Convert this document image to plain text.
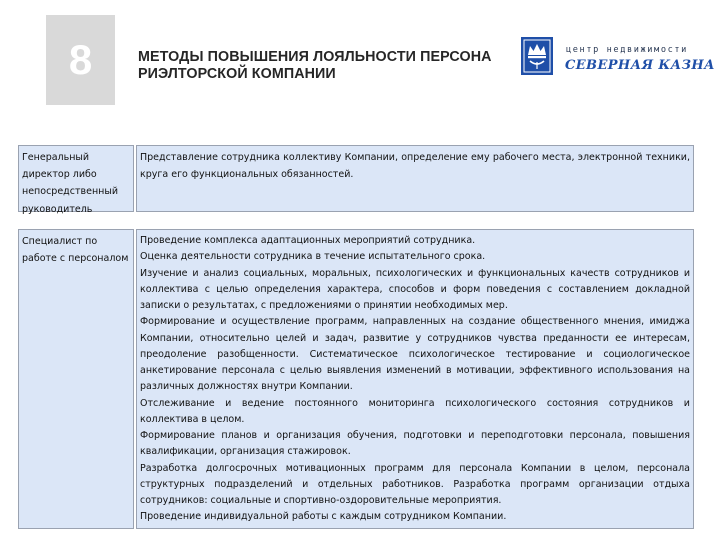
8	МЕТОДЫ ПОВЫШЕНИЯ ЛОЯЛЬНОСТИ ПЕРСОНА
РИЭЛТОРСКОЙ КОМПАНИИ
центр недвижимости
СЕВЕРНАЯ КАЗНА
Генеральный директор либо непосредственный руководитель
Представление сотрудника коллективу Компании, определение ему рабочего места, электронной техники, круга его функциональных обязанностей.
Специалист по работе с персоналом
Проведение комплекса адаптационных мероприятий сотрудника.
Оценка деятельности сотрудника в течение испытательного срока.
Изучение и анализ социальных, моральных, психологических и функциональных качеств сотрудников и коллектива с целью определения характера, способов и форм поведения с составлением докладной записки о результатах, с предложениями о принятии необходимых мер.
Формирование и осуществление программ, направленных на создание общественного мнения, имиджа Компании, относительно целей и задач, развитие у сотрудников чувства преданности ее интересам, преодоление разобщенности. Систематическое психологическое тестирование и социологическое анкетирование персонала с целью выявления изменений в мотивации, эффективного использования на различных должностях внутри Компании.
Отслеживание и ведение постоянного мониторинга психологического состояния сотрудников и коллектива в целом.
Формирование планов и организация обучения, подготовки и переподготовки персонала, повышения квалификации, организация стажировок.
Разработка долгосрочных мотивационных программ для персонала Компании в целом, персонала структурных подразделений и отдельных работников. Разработка программ организации отдыха сотрудников: социальные и спортивно-оздоровительные мероприятия.
Проведение индивидуальной работы с каждым сотрудником Компании.
